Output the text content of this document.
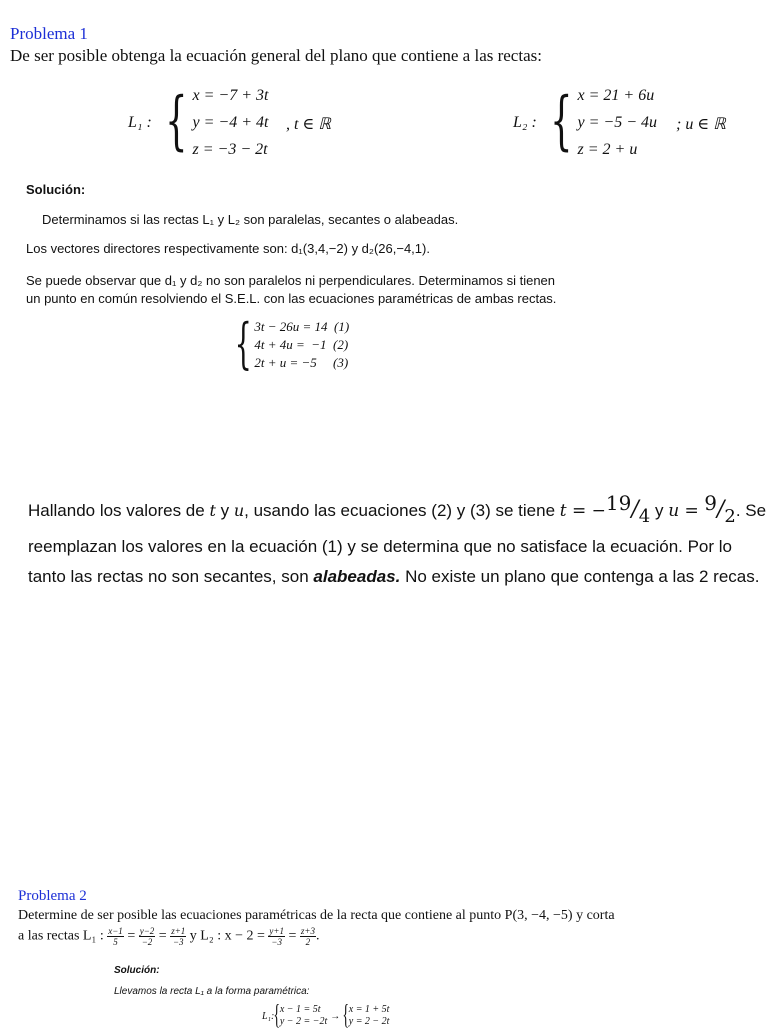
Problema 1
De ser posible obtenga la ecuación general del plano que contiene a las rectas:
L₁ : { x = −7 + 3t
y = −4 + 4t
z = −3 − 2t
, t ∈ ℝ	L₂ : { x = 21 + 6u
y = −5 − 4u
z = 2 + u
; u ∈ ℝ
Solución:
Determinamos si las rectas L₁ y L₂ son paralelas, secantes o alabeadas.
Los vectores directores respectivamente son: d₁(3,4,−2) y d₂(26,−4,1).
Se puede observar que d₁ y d₂ no son paralelos ni perpendiculares. Determinamos si tienen
un punto en común resolviendo el S.E.L. con las ecuaciones paramétricas de ambas rectas.
{ 3t − 26u = 14  (1)
4t + 4u =  −1  (2)
2t + u = −5     (3)
Hallando los valores de t y u, usando las ecuaciones (2) y (3) se tiene t = −19/4 y u = 9/2. Se
reemplazan los valores en la ecuación (1) y se determina que no satisface la ecuación. Por lo
tanto las rectas no son secantes, son alabeadas. No existe un plano que contenga a las 2 recas.
Problema 2
Determine de ser posible las ecuaciones paramétricas de la recta que contiene al punto P(3, −4, −5) y corta
a las rectas L₁ : $\frac{x-1}{5} = \frac{y-2}{-2} = \frac{z+1}{-3}$ y L₂ : $x - 2 = \frac{y+1}{-3} = \frac{z+3}{2}$ .
Solución:
Llevamos la recta L₁ a la forma paramétrica:
L₁: { x − 1 = 5t
y − 2 = −2t → { x = 1 + 5t
y = 2 − 2t
